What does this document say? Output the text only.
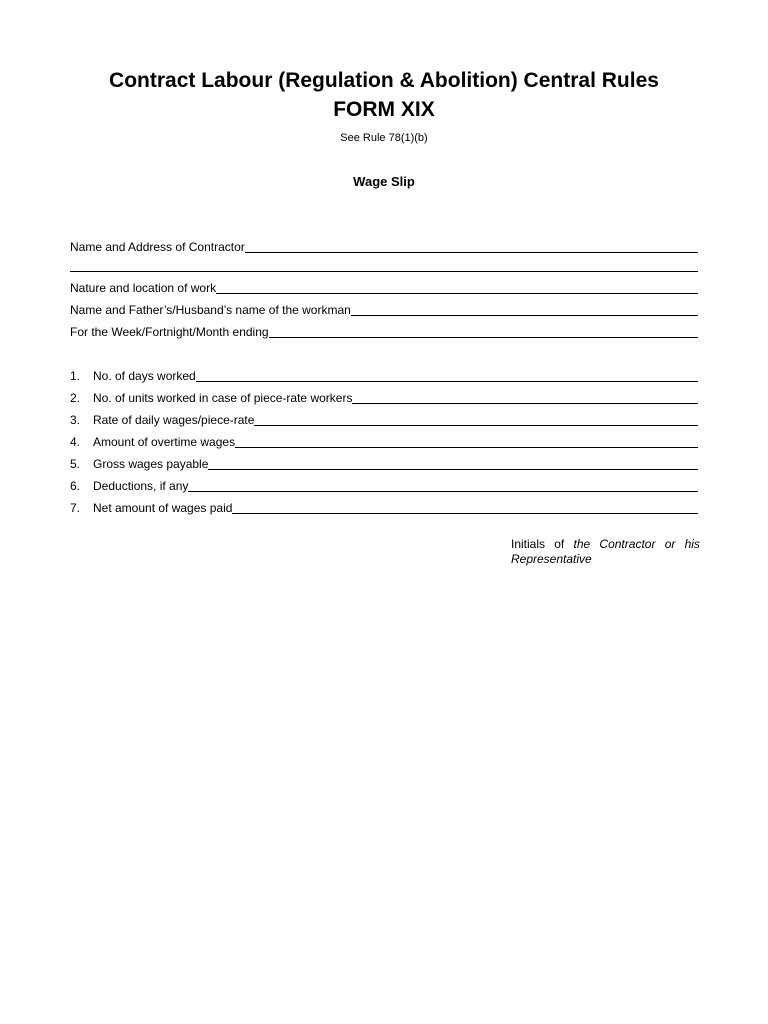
Contract Labour (Regulation & Abolition) Central Rules
FORM XIX
See Rule 78(1)(b)
Wage Slip
Name and Address of Contractor
Nature and location of work
Name and Father’s/Husband’s name of the workman
For the Week/Fortnight/Month ending
1. No. of days worked
2. No. of units worked in case of piece-rate workers
3. Rate of daily wages/piece-rate
4. Amount of overtime wages
5. Gross wages payable
6. Deductions, if any
7. Net amount of wages paid
Initials of the Contractor or his
Representative
